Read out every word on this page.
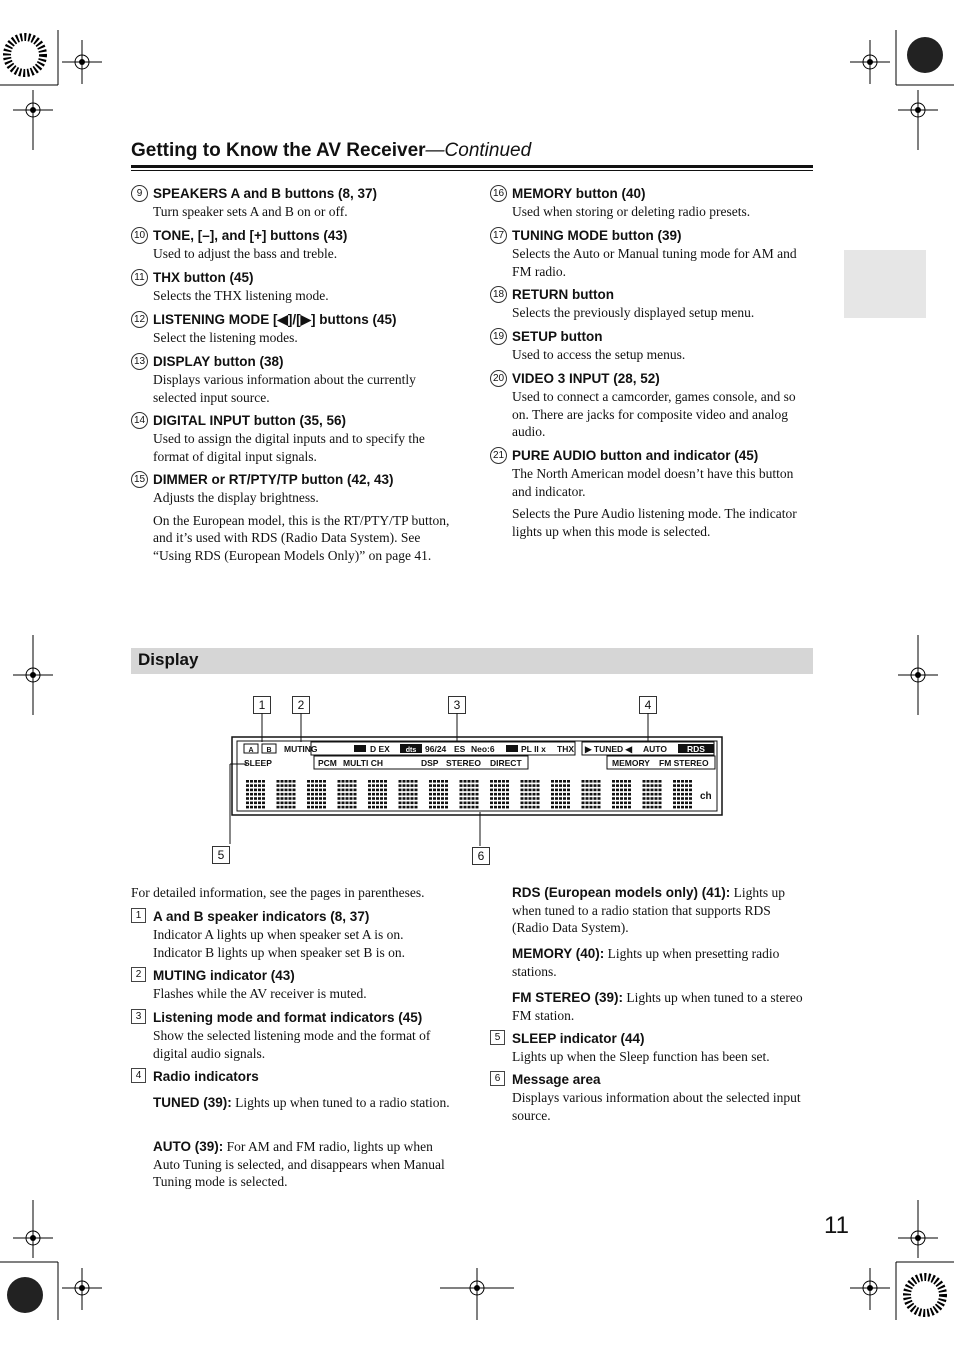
Getting to Know the AV Receiver—Continued
9 SPEAKERS A and B buttons (8, 37)
Turn speaker sets A and B on or off.
10 TONE, [–], and [+] buttons (43)
Used to adjust the bass and treble.
11 THX button (45)
Selects the THX listening mode.
12 LISTENING MODE [◀]/[▶] buttons (45)
Select the listening modes.
13 DISPLAY button (38)
Displays various information about the currently selected input source.
14 DIGITAL INPUT button (35, 56)
Used to assign the digital inputs and to specify the format of digital input signals.
15 DIMMER or RT/PTY/TP button (42, 43)
Adjusts the display brightness.
On the European model, this is the RT/PTY/TP button, and it’s used with RDS (Radio Data System). See “Using RDS (European Models Only)” on page 41.
16 MEMORY button (40)
Used when storing or deleting radio presets.
17 TUNING MODE button (39)
Selects the Auto or Manual tuning mode for AM and FM radio.
18 RETURN button
Selects the previously displayed setup menu.
19 SETUP button
Used to access the setup menus.
20 VIDEO 3 INPUT (28, 52)
Used to connect a camcorder, games console, and so on. There are jacks for composite video and analog audio.
21 PURE AUDIO button and indicator (45)
The North American model doesn’t have this button and indicator.
Selects the Pure Audio listening mode. The indicator lights up when this mode is selected.
Display
1	2	3	4
5	6
A B MUTING	D EX dts 96/24 ES Neo:6	PL II x THX ▶ TUNED ◀ AUTO RDS
SLEEP	PCM MULTI CH	DSP STEREO DIRECT	MEMORY FM STEREO
ch
For detailed information, see the pages in parentheses.
1 A and B speaker indicators (8, 37)
Indicator A lights up when speaker set A is on. Indicator B lights up when speaker set B is on.
2 MUTING indicator (43)
Flashes while the AV receiver is muted.
3 Listening mode and format indicators (45)
Show the selected listening mode and the format of digital audio signals.
4 Radio indicators
TUNED (39): Lights up when tuned to a radio station.
AUTO (39): For AM and FM radio, lights up when Auto Tuning is selected, and disappears when Manual Tuning mode is selected.
RDS (European models only) (41): Lights up when tuned to a radio station that supports RDS (Radio Data System).
MEMORY (40): Lights up when presetting radio stations.
FM STEREO (39): Lights up when tuned to a stereo FM station.
5 SLEEP indicator (44)
Lights up when the Sleep function has been set.
6 Message area
Displays various information about the selected input source.
11
